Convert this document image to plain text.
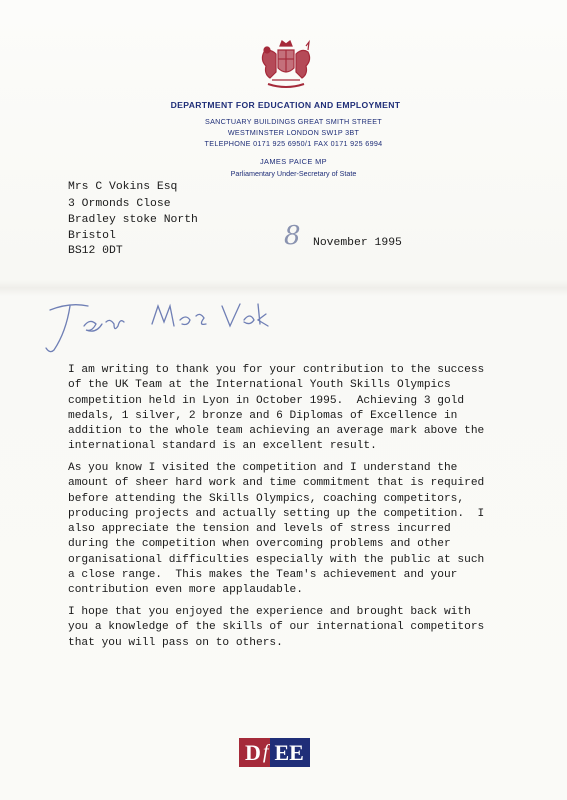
DEPARTMENT FOR EDUCATION AND EMPLOYMENT
SANCTUARY BUILDINGS GREAT SMITH STREET
WESTMINSTER LONDON SW1P 3BT
TELEPHONE 0171 925 6950/1 FAX 0171 925 6994
JAMES PAICE MP
Parliamentary Under-Secretary of State
Mrs C Vokins Esq
3 Ormonds Close
Bradley stoke North
Bristol
BS12 0DT	8 November 1995
I am writing to thank you for your contribution to the success
of the UK Team at the International Youth Skills Olympics
competition held in Lyon in October 1995.  Achieving 3 gold
medals, 1 silver, 2 bronze and 6 Diplomas of Excellence in
addition to the whole team achieving an average mark above the
international standard is an excellent result.
As you know I visited the competition and I understand the
amount of sheer hard work and time commitment that is required
before attending the Skills Olympics, coaching competitors,
producing projects and actually setting up the competition.  I
also appreciate the tension and levels of stress incurred
during the competition when overcoming problems and other
organisational difficulties especially with the public at such
a close range.  This makes the Team's achievement and your
contribution even more applaudable.
I hope that you enjoyed the experience and brought back with
you a knowledge of the skills of our international competitors
that you will pass on to others.
D f EE
